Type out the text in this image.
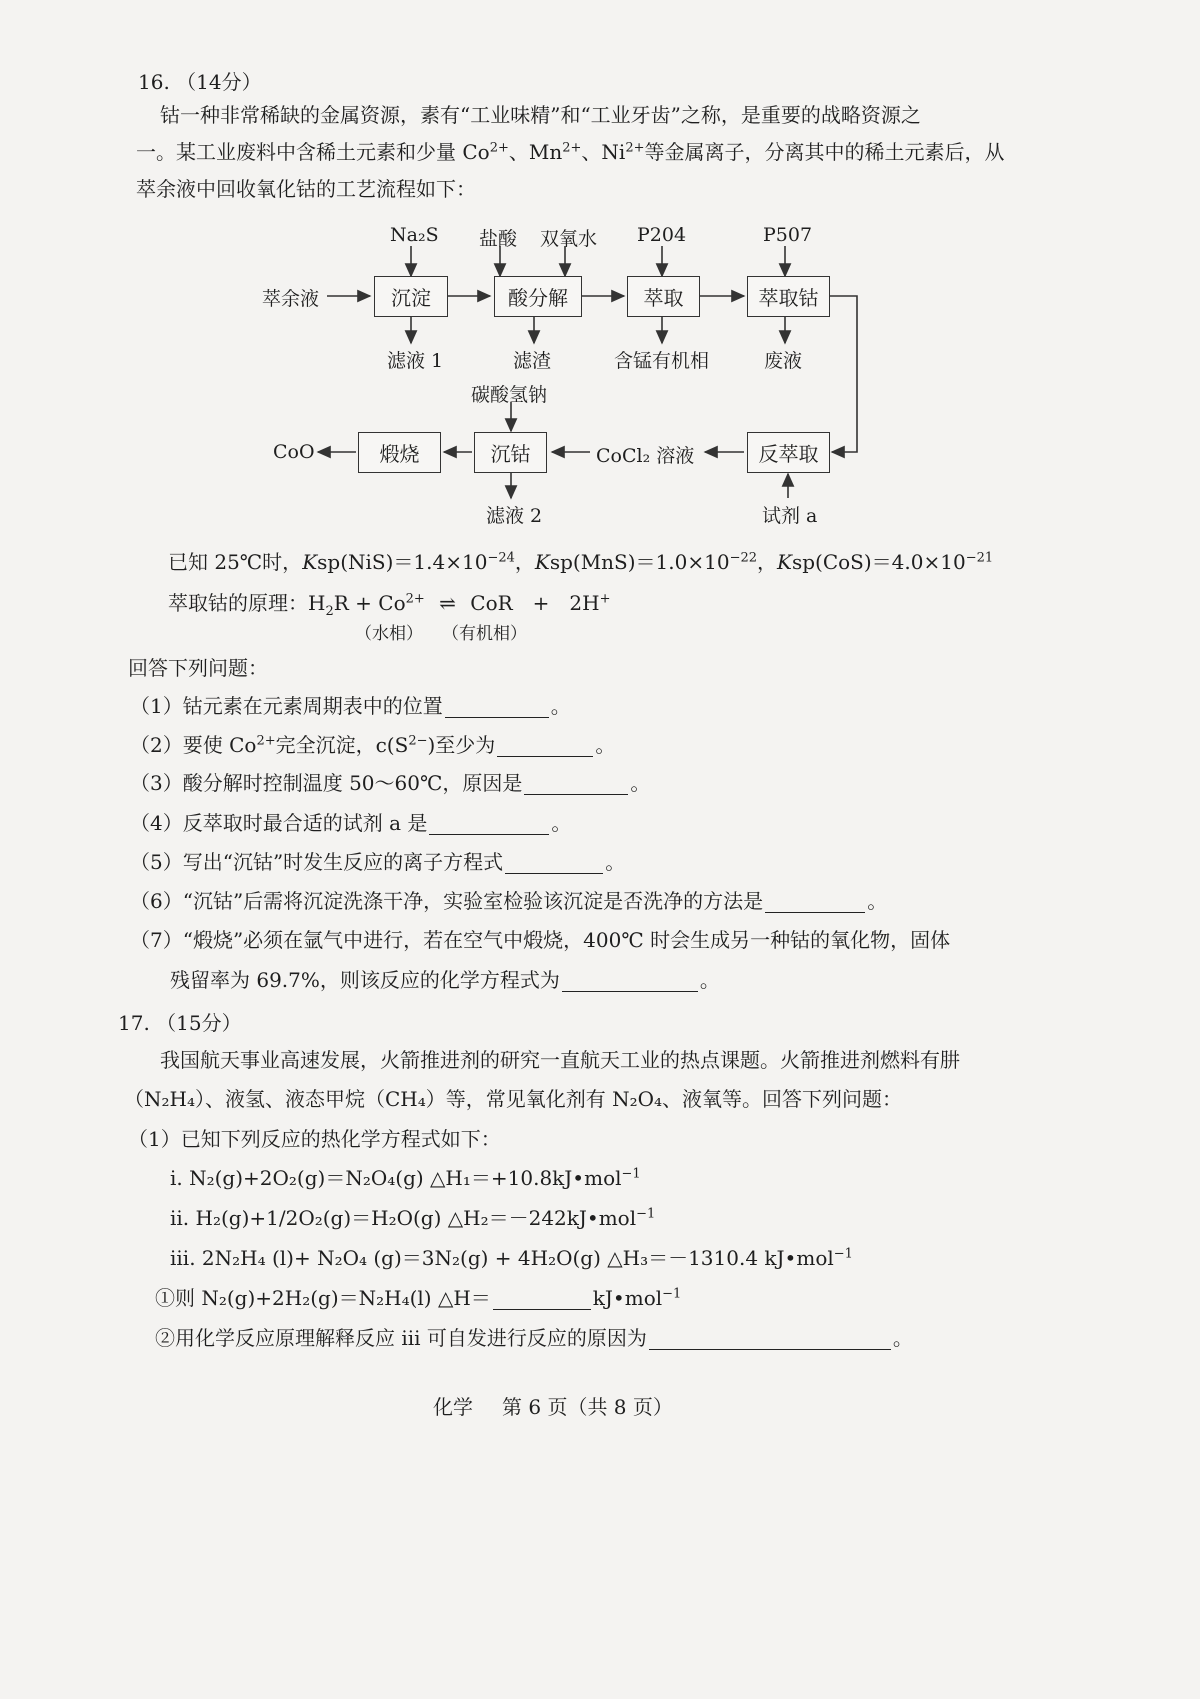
16. （14分）
钴一种非常稀缺的金属资源，素有“工业味精”和“工业牙齿”之称，是重要的战略资源之
一。某工业废料中含稀土元素和少量 $Co^{2+}$、$Mn^{2+}$、$Ni^{2+}$等金属离子，分离其中的稀土元素后，从
萃余液中回收氧化钴的工艺流程如下：
沉淀	酸分解	萃取	萃取钴
反萃取
沉钴
煅烧
萃余液
Na₂S 盐酸 双氧水 P204	P507
滤液 1	滤渣	含锰有机相	废液
碳酸氢钠
CoCl₂ 溶液
滤液 2	试剂 a
CoO
已知 25℃时，$Ksp(NiS)=1.4\times 10^{-24}$，$Ksp(MnS)=1.0\times 10^{-22}$，$Ksp(CoS)=4.0\times 10^{-21}$
萃取钴的原理：$H_2R + Co^{2+}$ ⇌ CoR　+　2H+
（水相） （有机相）
回答下列问题：
（1）钴元素在元素周期表中的位置	。
（2）要使 $Co^{2+}$完全沉淀，$c(S^{2-})$至少为	。
（3）酸分解时控制温度 50～60℃，原因是	。
（4）反萃取时最合适的试剂 a 是	。
（5）写出“沉钴”时发生反应的离子方程式	。
（6）“沉钴”后需将沉淀洗涤干净，实验室检验该沉淀是否洗净的方法是	。
（7）“煅烧”必须在氩气中进行，若在空气中煅烧，400℃ 时会生成另一种钴的氧化物，固体
残留率为 69.7%，则该反应的化学方程式为	。
17. （15分）
我国航天事业高速发展，火箭推进剂的研究一直航天工业的热点课题。火箭推进剂燃料有肼
（N₂H₄）、液氢、液态甲烷（CH₄）等，常见氧化剂有 N₂O₄、液氧等。回答下列问题：
（1）已知下列反应的热化学方程式如下：
i. N₂(g)+2O₂(g)＝N₂O₄(g) △H₁＝+10.8kJ•mol$^{-1}$
ii. H₂(g)+1/2O₂(g)＝H₂O(g) △H₂＝－242kJ•mol$^{-1}$
iii. 2N₂H₄ (l)+ N₂O₄ (g)＝3N₂(g) + 4H₂O(g) △H₃＝－1310.4 kJ•mol$^{-1}$
①则 N₂(g)+2H₂(g)＝N₂H₄(l) △H＝	kJ•mol$^{-1}$
②用化学反应原理解释反应 iii 可自发进行反应的原因为	。
化学 第 6 页（共 8 页）
